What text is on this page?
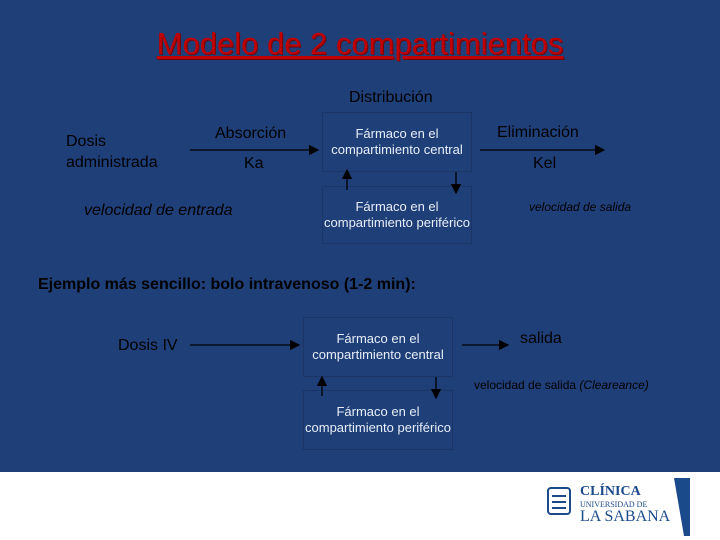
Modelo de 2 compartimientos
Distribución
Dosis administrada
Absorción
Ka
velocidad de entrada
Fármaco en el compartimiento central
Fármaco en el compartimiento periférico
Eliminación
Kel
velocidad de salida
Ejemplo más sencillo: bolo intravenoso (1-2 min):
Dosis IV	Fármaco en el compartimiento central
Fármaco en el compartimiento periférico
salida
velocidad de salida (Cleareance)
CLÍNICA
UNIVERSIDAD DE
LA SABANA
